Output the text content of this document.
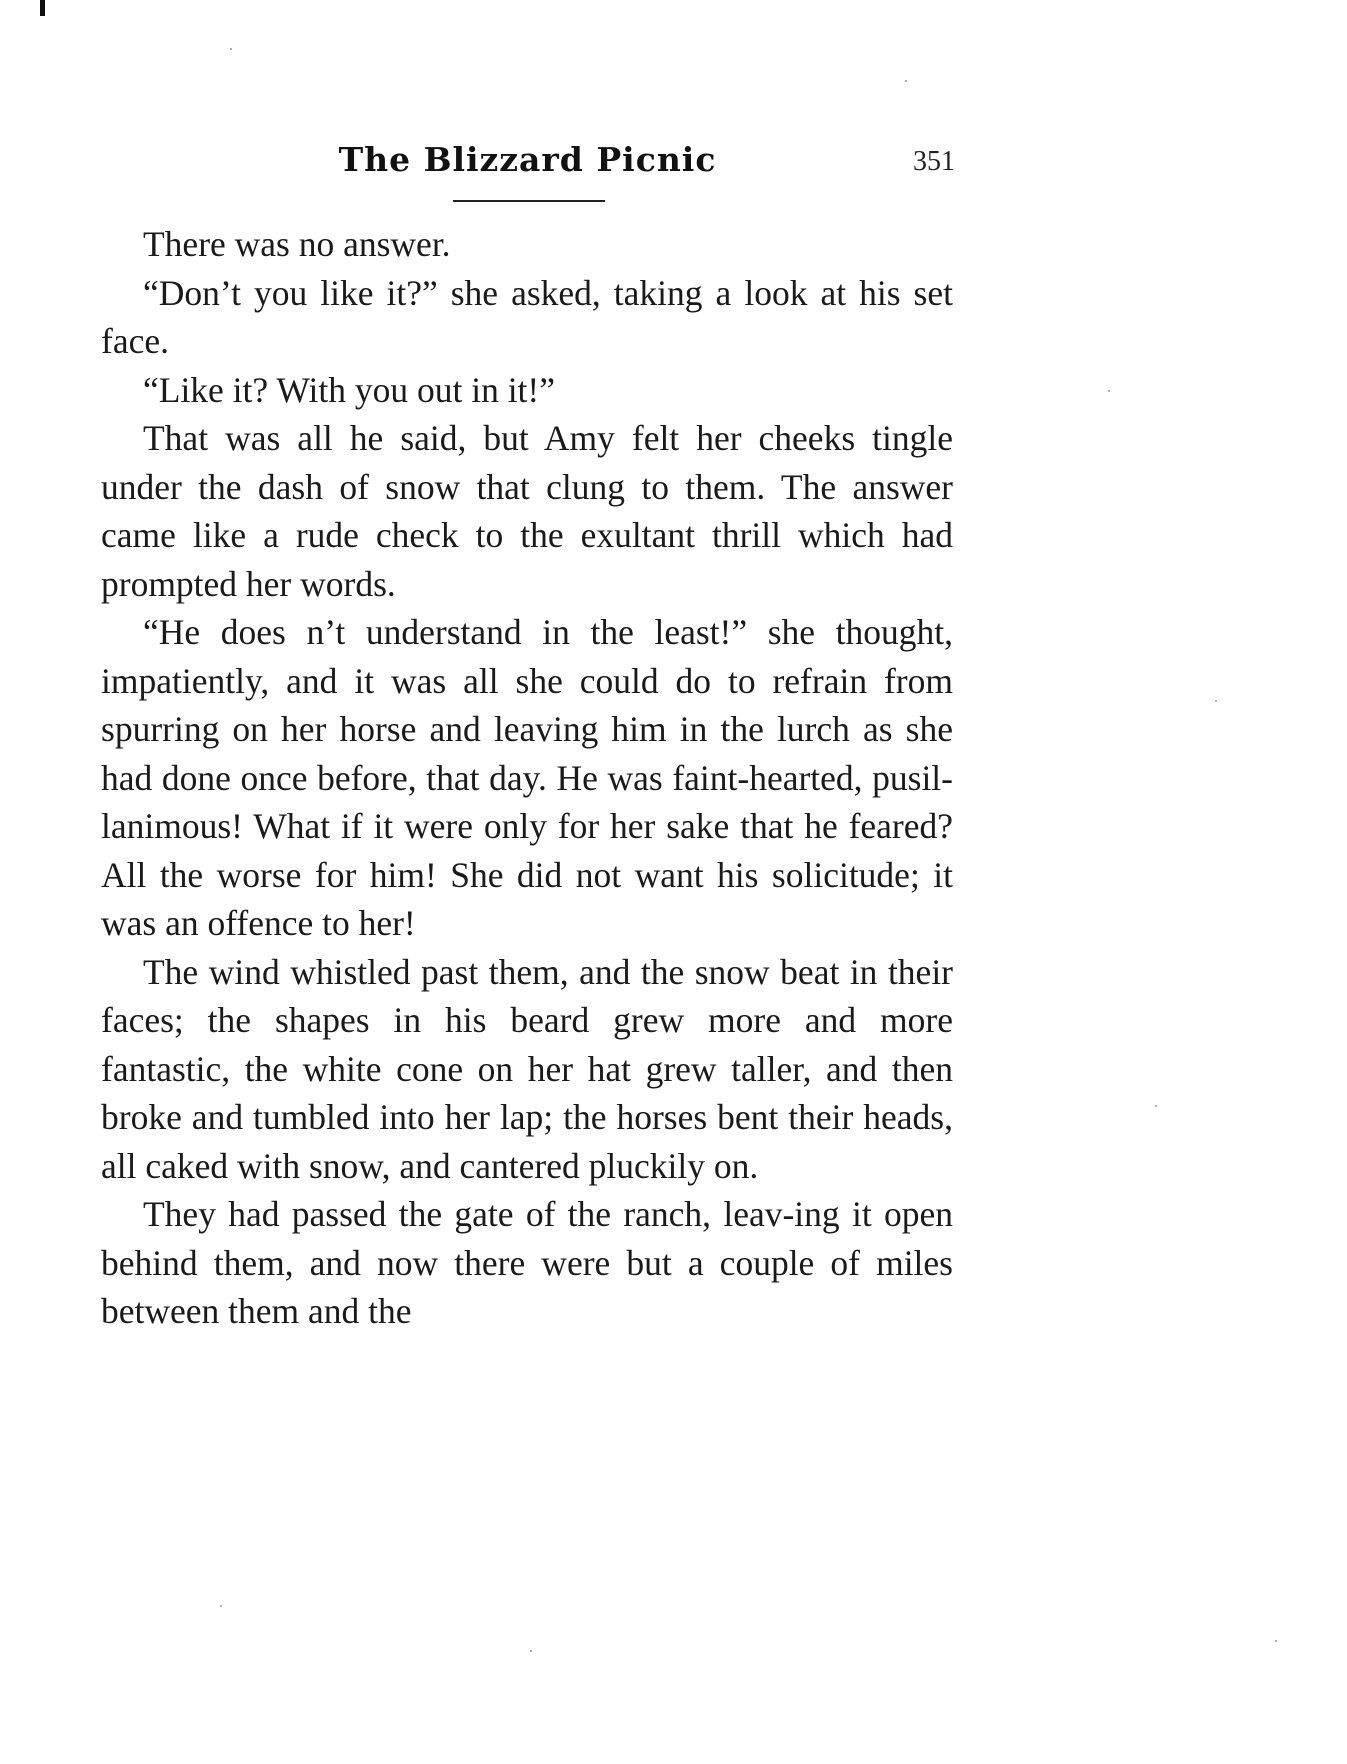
The Blizzard Picnic	351

There was no answer.

“Don’t you like it?” she asked, taking a look at his set face.

“Like it? With you out in it!”

That was all he said, but Amy felt her cheeks tingle under the dash of snow that clung to them. The answer came like a rude check to the exultant thrill which had prompted her words.

“He does n’t understand in the least!” she thought, impatiently, and it was all she could do to refrain from spurring on her horse and leaving him in the lurch as she had done once before, that day. He was faint-hearted, pusil-lanimous! What if it were only for her sake that he feared? All the worse for him! She did not want his solicitude; it was an offence to her!

The wind whistled past them, and the snow beat in their faces; the shapes in his beard grew more and more fantastic, the white cone on her hat grew taller, and then broke and tumbled into her lap; the horses bent their heads, all caked with snow, and cantered pluckily on.

They had passed the gate of the ranch, leav-ing it open behind them, and now there were but a couple of miles between them and the
